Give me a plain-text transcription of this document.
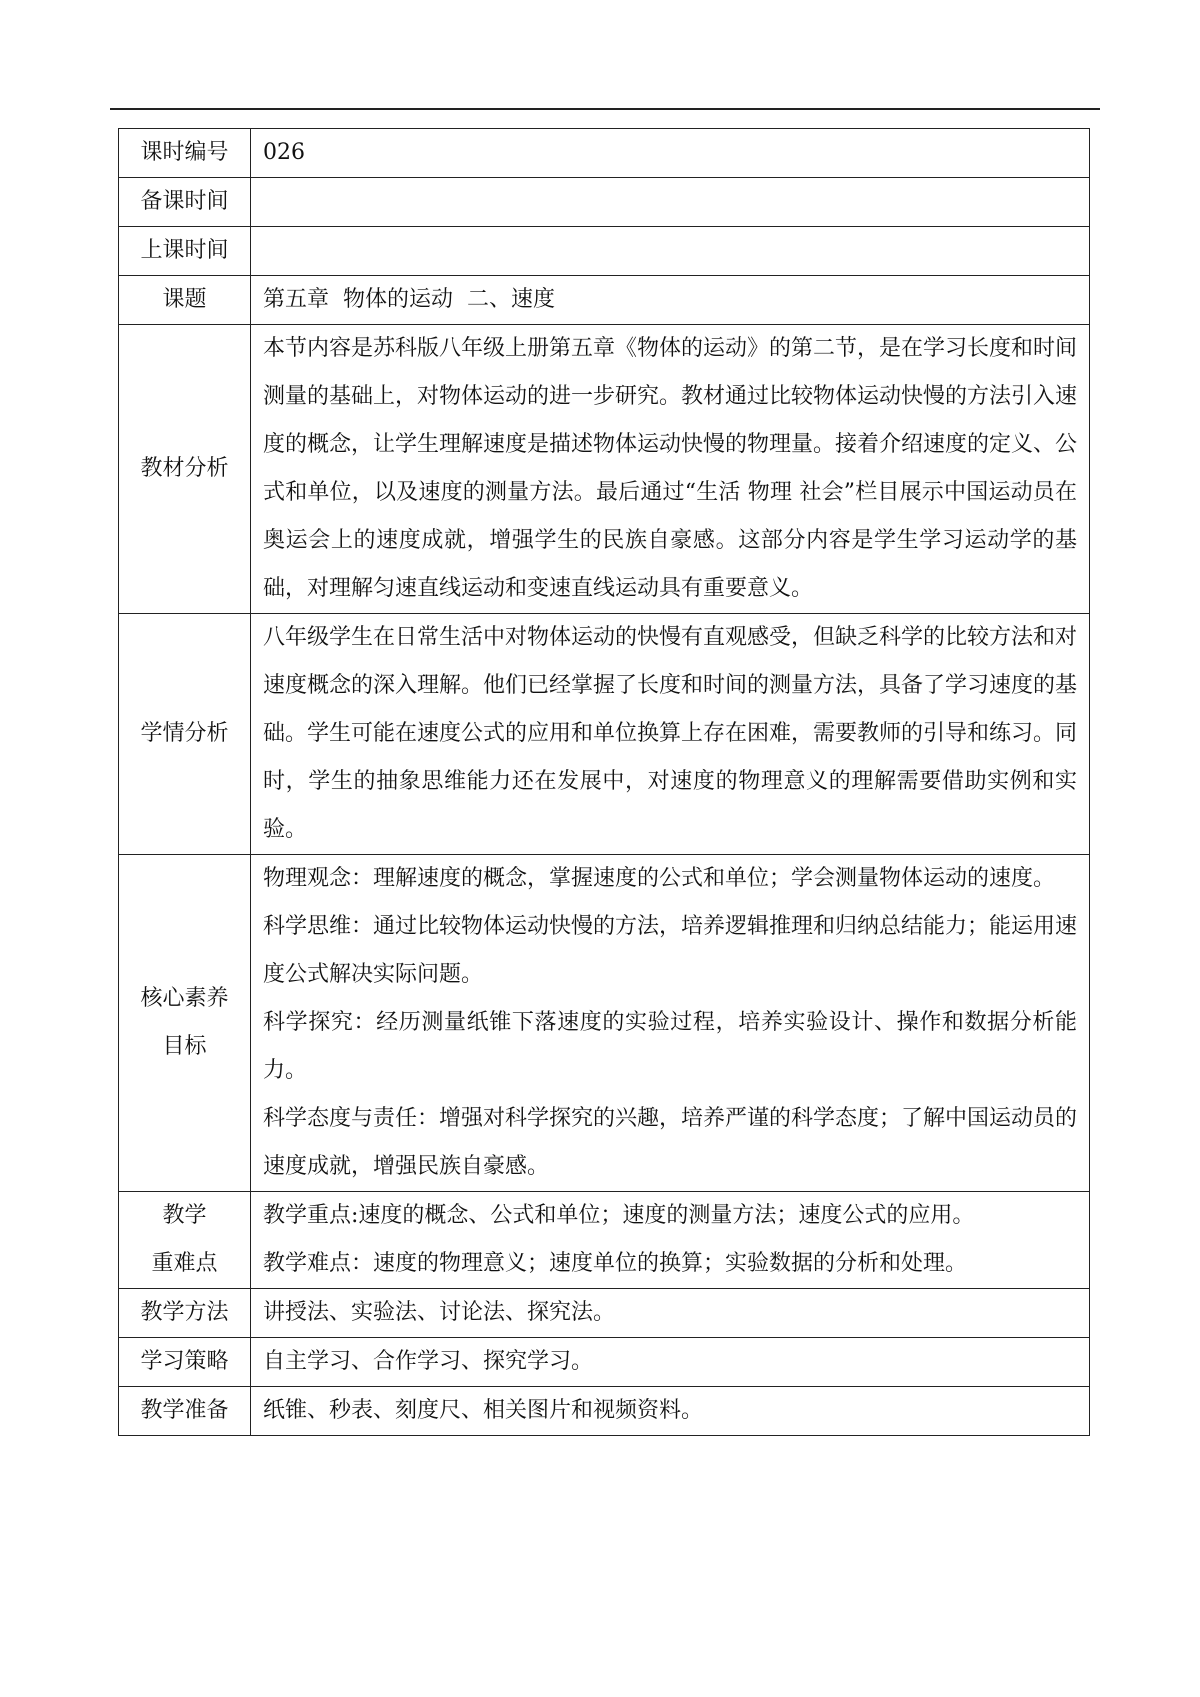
课时编号	026
备课时间	
上课时间	
课题	第五章  物体的运动  二、速度
教材分析	本节内容是苏科版八年级上册第五章《物体的运动》的第二节，是在学习长度和时间测量的基础上，对物体运动的进一步研究。教材通过比较物体运动快慢的方法引入速度的概念，让学生理解速度是描述物体运动快慢的物理量。接着介绍速度的定义、公式和单位，以及速度的测量方法。最后通过“生活 物理 社会”栏目展示中国运动员在奥运会上的速度成就，增强学生的民族自豪感。这部分内容是学生学习运动学的基础，对理解匀速直线运动和变速直线运动具有重要意义。
学情分析	八年级学生在日常生活中对物体运动的快慢有直观感受，但缺乏科学的比较方法和对速度概念的深入理解。他们已经掌握了长度和时间的测量方法，具备了学习速度的基础。学生可能在速度公式的应用和单位换算上存在困难，需要教师的引导和练习。同时，学生的抽象思维能力还在发展中，对速度的物理意义的理解需要借助实例和实验。

核心素养
目标	物理观念：理解速度的概念，掌握速度的公式和单位；学会测量物体运动的速度。
科学思维：通过比较物体运动快慢的方法，培养逻辑推理和归纳总结能力；能运用速度公式解决实际问题。
科学探究：经历测量纸锥下落速度的实验过程，培养实验设计、操作和数据分析能力。
科学态度与责任：增强对科学探究的兴趣，培养严谨的科学态度；了解中国运动员的速度成就，增强民族自豪感。

教学
重难点	教学重点:速度的概念、公式和单位；速度的测量方法；速度公式的应用。
教学难点：速度的物理意义；速度单位的换算；实验数据的分析和处理。

教学方法	讲授法、实验法、讨论法、探究法。
学习策略	自主学习、合作学习、探究学习。
教学准备	纸锥、秒表、刻度尺、相关图片和视频资料。
